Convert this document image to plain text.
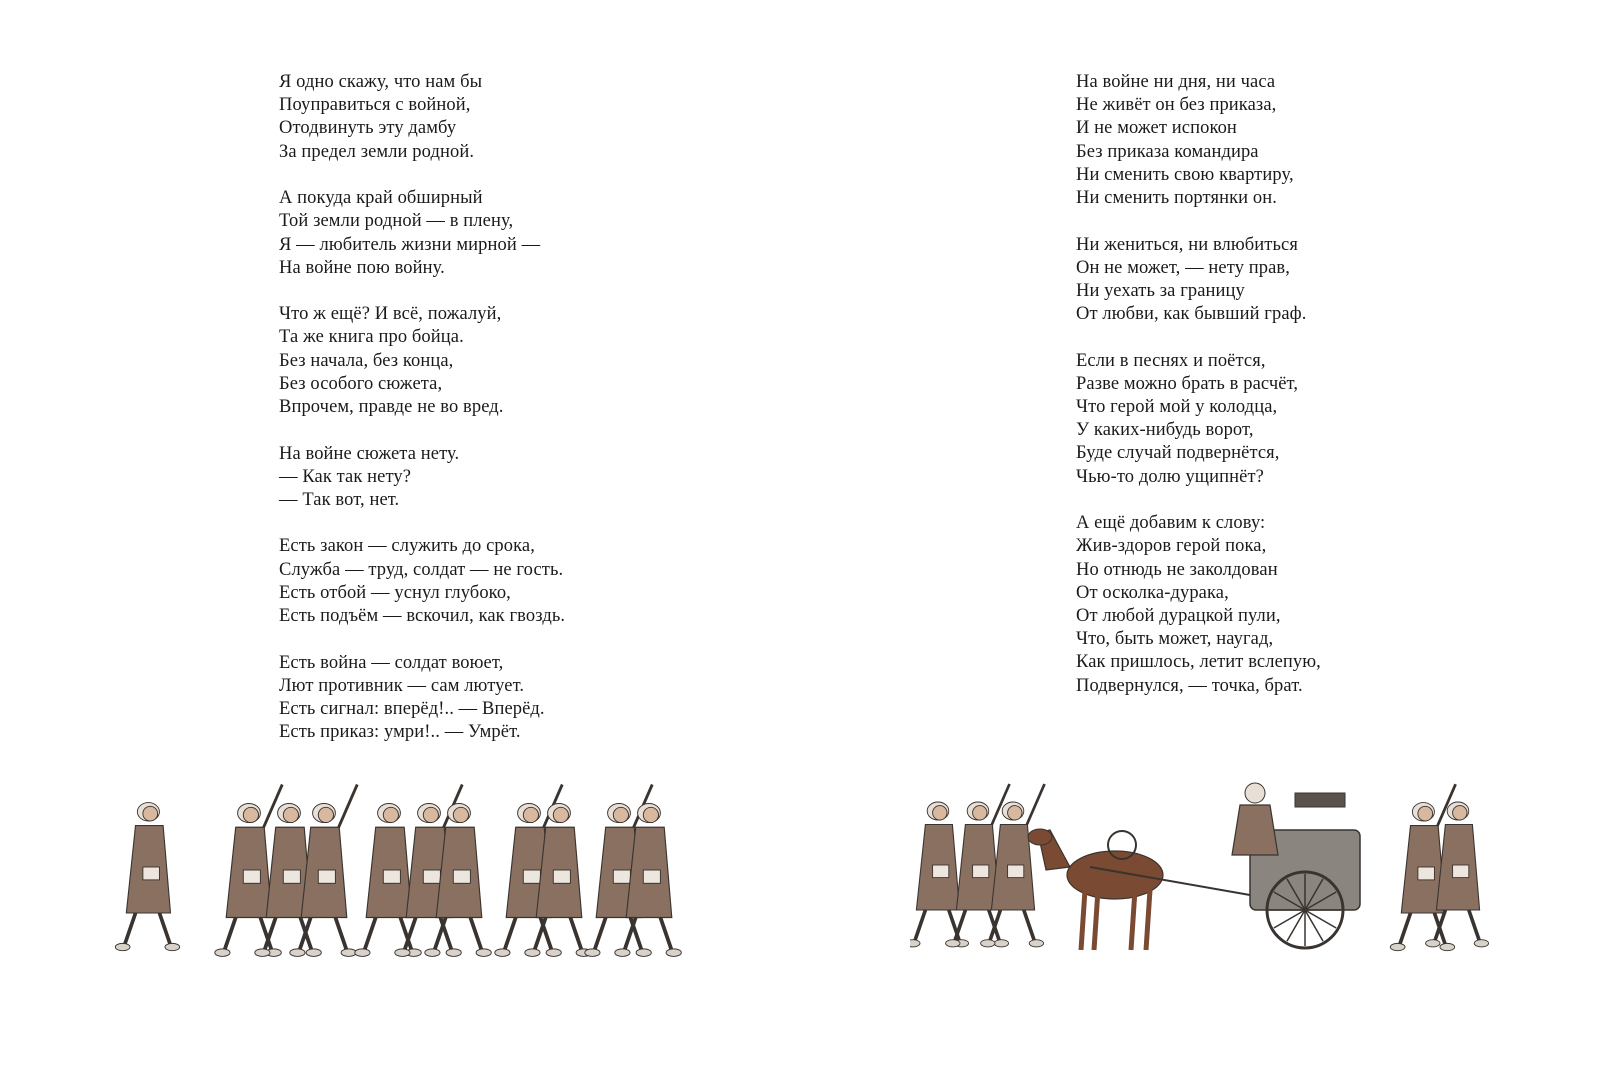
Я одно скажу, что нам бы
Поуправиться с войной,
Отодвинуть эту дамбу
За предел земли родной.
А покуда край обширный
Той земли родной — в плену,
Я — любитель жизни мирной —
На войне пою войну.
Что ж ещё? И всё, пожалуй,
Та же книга про бойца.
Без начала, без конца,
Без особого сюжета,
Впрочем, правде не во вред.
На войне сюжета нету.
— Как так нету?
— Так вот, нет.
Есть закон — служить до срока,
Служба — труд, солдат — не гость.
Есть отбой — уснул глубоко,
Есть подъём — вскочил, как гвоздь.
Есть война — солдат воюет,
Лют противник — сам лютует.
Есть сигнал: вперёд!.. — Вперёд.
Есть приказ: умри!.. — Умрёт.
На войне ни дня, ни часа
Не живёт он без приказа,
И не может испокон
Без приказа командира
Ни сменить свою квартиру,
Ни сменить портянки он.
Ни жениться, ни влюбиться
Он не может, — нету прав,
Ни уехать за границу
От любви, как бывший граф.
Если в песнях и поётся,
Разве можно брать в расчёт,
Что герой мой у колодца,
У каких-нибудь ворот,
Буде случай подвернётся,
Чью-то долю ущипнёт?
А ещё добавим к слову:
Жив-здоров герой пока,
Но отнюдь не заколдован
От осколка-дурака,
От любой дурацкой пули,
Что, быть может, наугад,
Как пришлось, летит вслепую,
Подвернулся, — точка, брат.
